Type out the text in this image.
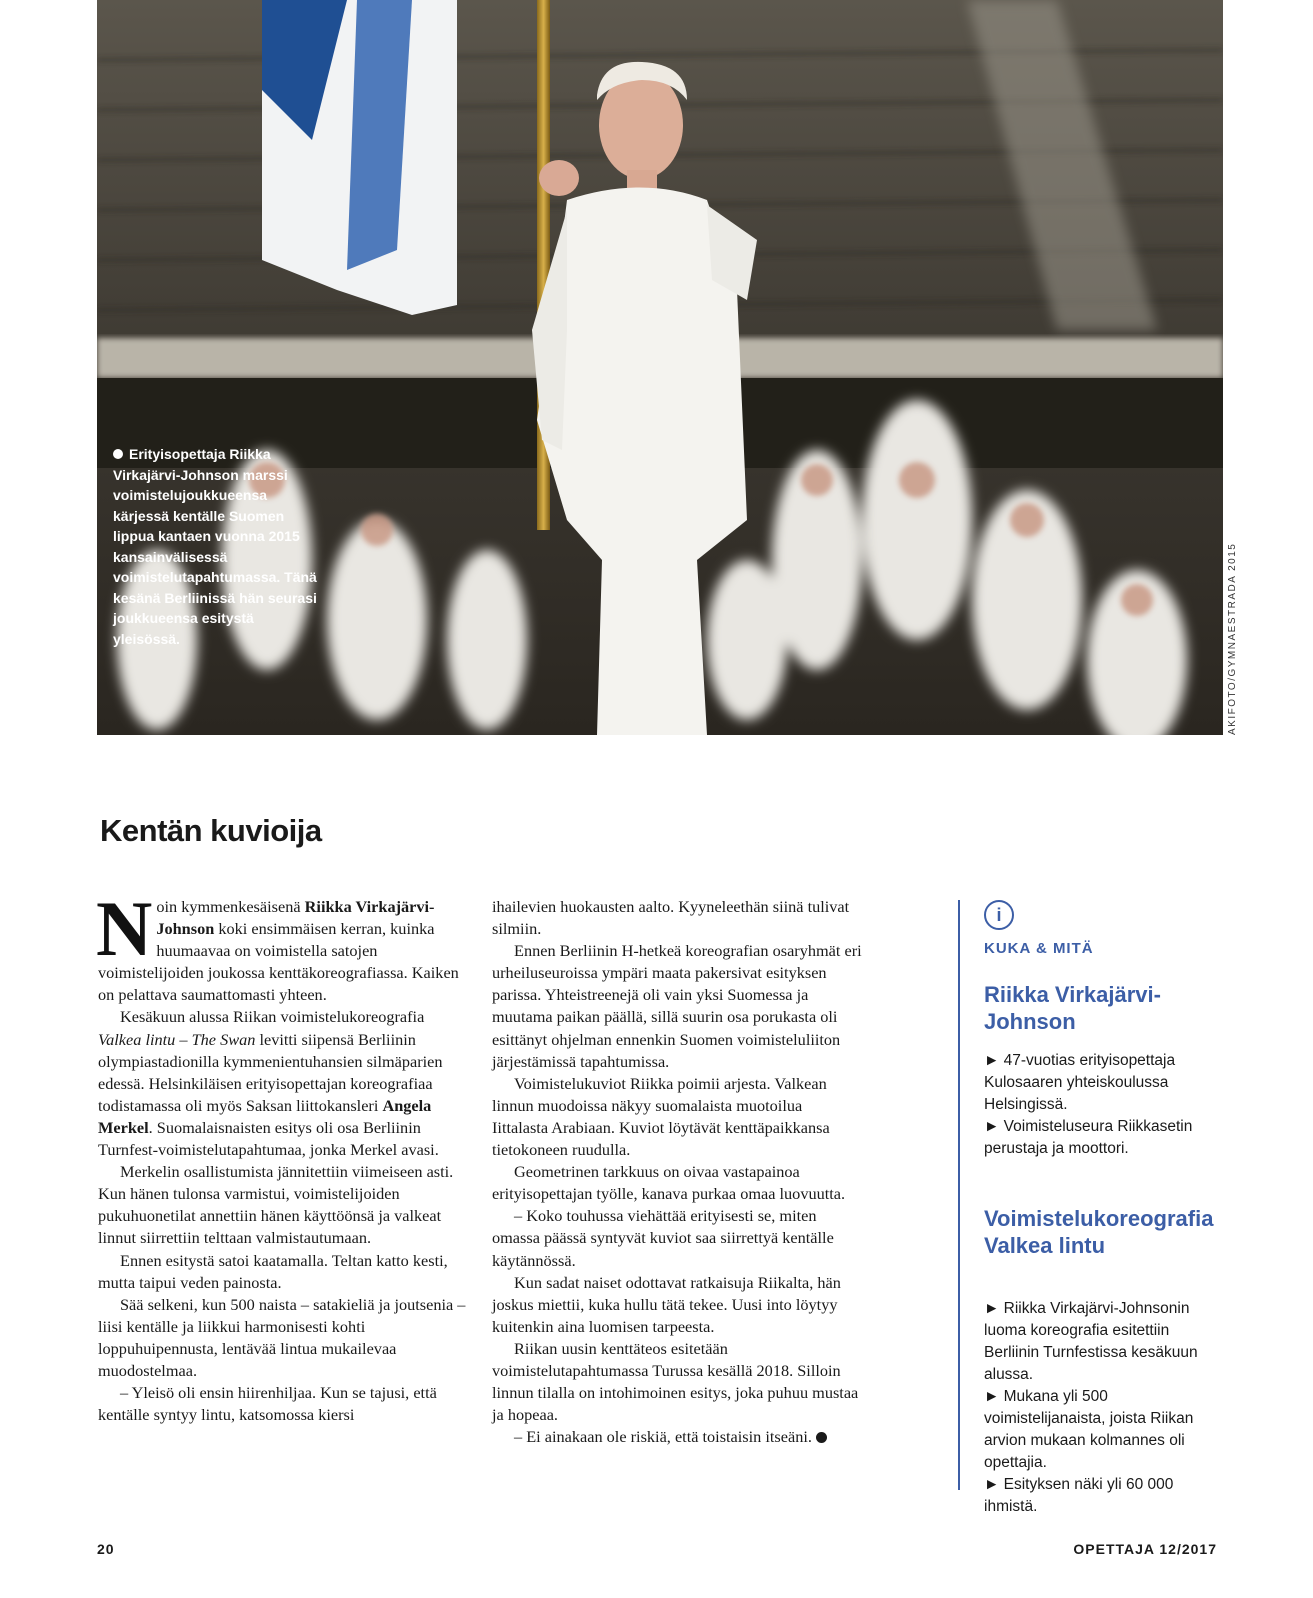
Erityisopettaja Riikka Virkajärvi-Johnson marssi voimistelujoukkueensa kärjessä kentälle Suomen lippua kantaen vuonna 2015 kansainvälisessä voimistelutapahtumassa. Tänä kesänä Berliinissä hän seurasi joukkueensa esitystä yleisössä.	AKIFOTO/GYMNAESTRADA 2015
Kentän kuvioija

Noin kymmenkesäisenä Riikka Virkajärvi-Johnson koki ensimmäisen kerran, kuinka huumaavaa on voimistella satojen voimistelijoiden joukossa kenttäkoreografiassa. Kaiken on pelattava saumattomasti yhteen.

Kesäkuun alussa Riikan voimistelukoreografia Valkea lintu – The Swan levitti siipensä Berliinin olympiastadionilla kymmenientuhansien silmäparien edessä. Helsinkiläisen erityisopettajan koreografiaa todistamassa oli myös Saksan liittokansleri Angela Merkel. Suomalaisnaisten esitys oli osa Berliinin Turnfest-voimistelutapahtumaa, jonka Merkel avasi.

Merkelin osallistumista jännitettiin viimeiseen asti. Kun hänen tulonsa varmistui, voimistelijoiden pukuhuonetilat annettiin hänen käyttöönsä ja valkeat linnut siirrettiin telttaan valmistautumaan.

Ennen esitystä satoi kaatamalla. Teltan katto kesti, mutta taipui veden painosta.

Sää selkeni, kun 500 naista – satakieliä ja joutsenia – liisi kentälle ja liikkui harmonisesti kohti loppuhuipennusta, lentävää lintua mukailevaa muodostelmaa.

– Yleisö oli ensin hiirenhiljaa. Kun se tajusi, että kentälle syntyy lintu, katsomossa kiersi

ihailevien huokausten aalto. Kyyneleethän siinä tulivat silmiin.

Ennen Berliinin H-hetkeä koreografian osaryhmät eri urheiluseuroissa ympäri maata pakersivat esityksen parissa. Yhteistreenejä oli vain yksi Suomessa ja muutama paikan päällä, sillä suurin osa porukasta oli esittänyt ohjelman ennenkin Suomen voimisteluliiton järjestämissä tapahtumissa.

Voimistelukuviot Riikka poimii arjesta. Valkean linnun muodoissa näkyy suomalaista muotoilua Iittalasta Arabiaan. Kuviot löytävät kenttäpaikkansa tietokoneen ruudulla.

Geometrinen tarkkuus on oivaa vastapainoa erityisopettajan työlle, kanava purkaa omaa luovuutta.

– Koko touhussa viehättää erityisesti se, miten omassa päässä syntyvät kuviot saa siirrettyä kentälle käytännössä.

Kun sadat naiset odottavat ratkaisuja Riikalta, hän joskus miettii, kuka hullu tätä tekee. Uusi into löytyy kuitenkin aina luomisen tarpeesta.

Riikan uusin kenttäteos esitetään voimistelutapahtumassa Turussa kesällä 2018. Silloin linnun tilalla on intohimoinen esitys, joka puhuu mustaa ja hopeaa.

– Ei ainakaan ole riskiä, että toistaisin itseäni.

i
KUKA & MITÄ
Riikka Virkajärvi-Johnson
► 47-vuotias erityisopettaja Kulosaaren yhteiskoulussa Helsingissä.
► Voimisteluseura Riikkasetin perustaja ja moottori.
Voimistelukoreografia Valkea lintu
► Riikka Virkajärvi-Johnsonin luoma koreografia esitettiin Berliinin Turnfestissa kesäkuun alussa.
► Mukana yli 500 voimistelijanaista, joista Riikan arvion mukaan kolmannes oli opettajia.
► Esityksen näki yli 60 000 ihmistä.
20	OPETTAJA 12/2017
